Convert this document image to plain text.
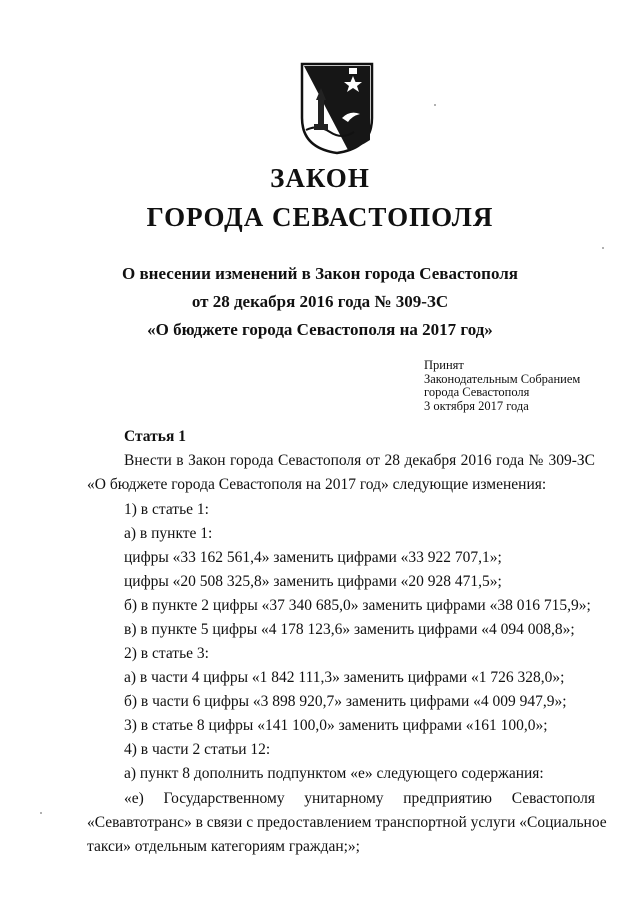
ЗАКОН
ГОРОДА СЕВАСТОПОЛЯ
О внесении изменений в Закон города Севастополя
от 28 декабря 2016 года № 309-ЗС
«О бюджете города Севастополя на 2017 год»
Принят
Законодательным Собранием
города Севастополя
3 октября 2017 года
Статья 1
Внести в Закон города Севастополя от 28 декабря 2016 года № 309-ЗС
«О бюджете города Севастополя на 2017 год» следующие изменения:
1) в статье 1:
а) в пункте 1:
цифры «33 162 561,4» заменить цифрами «33 922 707,1»;
цифры «20 508 325,8» заменить цифрами «20 928 471,5»;
б) в пункте 2 цифры «37 340 685,0» заменить цифрами «38 016 715,9»;
в) в пункте 5 цифры «4 178 123,6» заменить цифрами «4 094 008,8»;
2) в статье 3:
а) в части 4 цифры «1 842 111,3» заменить цифрами «1 726 328,0»;
б) в части 6 цифры «3 898 920,7» заменить цифрами «4 009 947,9»;
3) в статье 8 цифры «141 100,0» заменить цифрами «161 100,0»;
4) в части 2 статьи 12:
а) пункт 8 дополнить подпунктом «е» следующего содержания:
«е) Государственному унитарному предприятию Севастополя
«Севавтотранс» в связи с предоставлением транспортной услуги «Социальное
такси» отдельным категориям граждан;»;
